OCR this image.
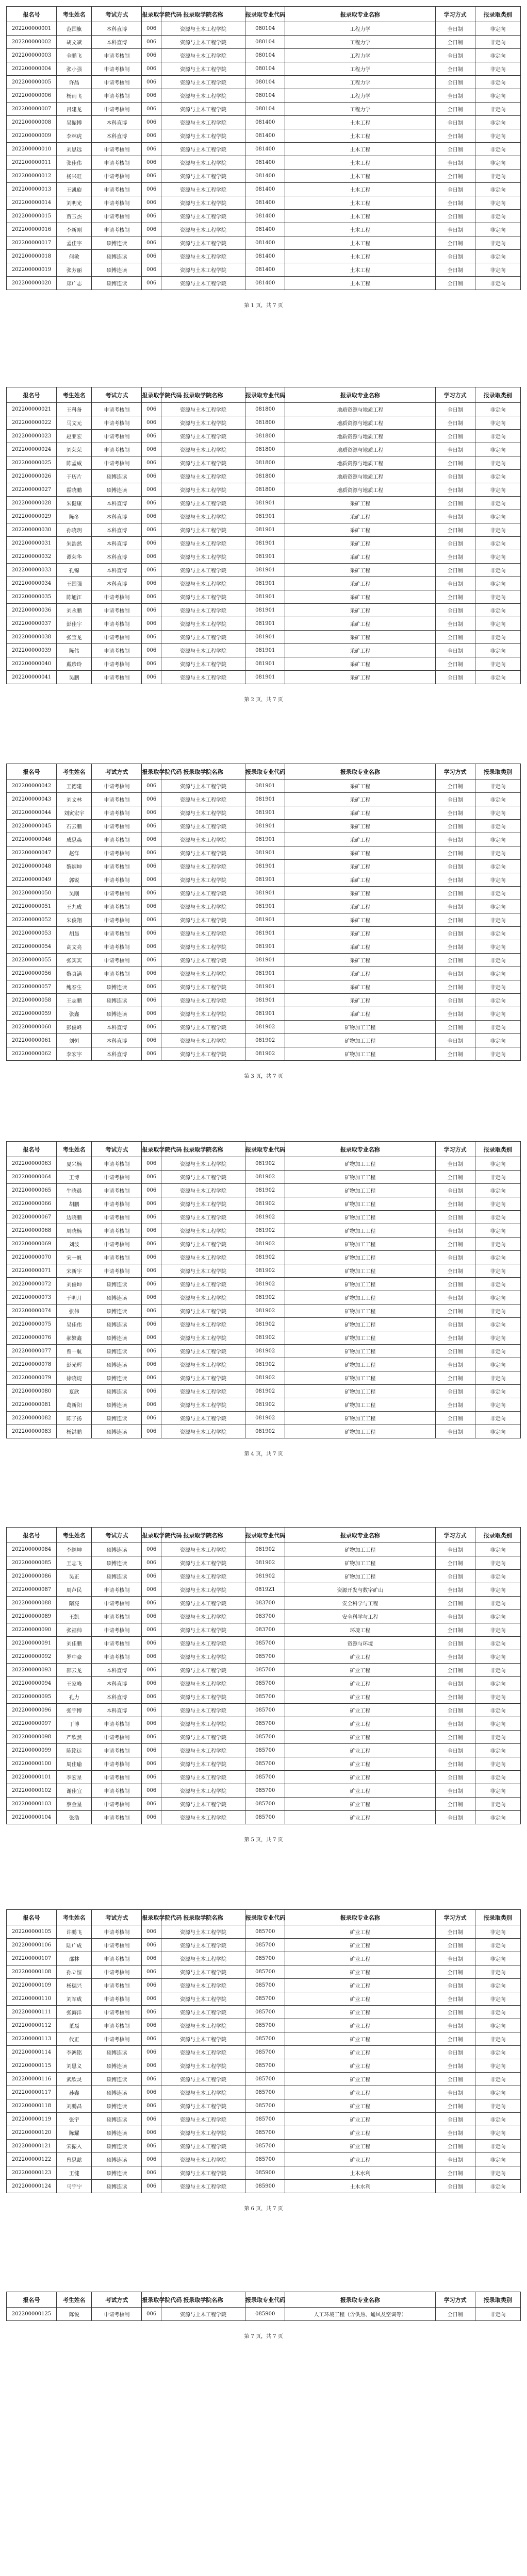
报名号	考生姓名	考试方式	报录取学院代码	报录取学院名称	报录取专业代码	报录取专业名称	学习方式	报录取类别
202200000001	范国旗	本科直博	006	资源与土木工程学院	080104	工程力学	全日制	非定向
202200000002	胡文斌	本科直博	006	资源与土木工程学院	080104	工程力学	全日制	非定向
202200000003	全鹏飞	申请考核制	006	资源与土木工程学院	080104	工程力学	全日制	非定向
202200000004	张小强	申请考核制	006	资源与土木工程学院	080104	工程力学	全日制	非定向
202200000005	许晶	申请考核制	006	资源与土木工程学院	080104	工程力学	全日制	非定向
202200000006	杨雨飞	申请考核制	006	资源与土木工程学院	080104	工程力学	全日制	非定向
202200000007	吕建龙	申请考核制	006	资源与土木工程学院	080104	工程力学	全日制	非定向
202200000008	吴振博	本科直博	006	资源与土木工程学院	081400	土木工程	全日制	非定向
202200000009	李林虎	本科直博	006	资源与土木工程学院	081400	土木工程	全日制	非定向
202200000010	刘思远	申请考核制	006	资源与土木工程学院	081400	土木工程	全日制	非定向
202200000011	张佳伟	申请考核制	006	资源与土木工程学院	081400	土木工程	全日制	非定向
202200000012	杨兴旺	申请考核制	006	资源与土木工程学院	081400	土木工程	全日制	非定向
202200000013	王凯旋	申请考核制	006	资源与土木工程学院	081400	土木工程	全日制	非定向
202200000014	刘明光	申请考核制	006	资源与土木工程学院	081400	土木工程	全日制	非定向
202200000015	贾玉杰	申请考核制	006	资源与土木工程学院	081400	土木工程	全日制	非定向
202200000016	李新刚	申请考核制	006	资源与土木工程学院	081400	土木工程	全日制	非定向
202200000017	孟佳宇	硕博连读	006	资源与土木工程学院	081400	土木工程	全日制	非定向
202200000018	何敏	硕博连读	006	资源与土木工程学院	081400	土木工程	全日制	非定向
202200000019	张芳丽	硕博连读	006	资源与土木工程学院	081400	土木工程	全日制	非定向
202200000020	郑广志	硕博连读	006	资源与土木工程学院	081400	土木工程	全日制	非定向
第 1 页，共 7 页
报名号	考生姓名	考试方式	报录取学院代码	报录取学院名称	报录取专业代码	报录取专业名称	学习方式	报录取类别
202200000021	王科备	申请考核制	006	资源与土木工程学院	081800	地质资源与地质工程	全日制	非定向
202200000022	马文元	申请考核制	006	资源与土木工程学院	081800	地质资源与地质工程	全日制	非定向
202200000023	赵亚宏	申请考核制	006	资源与土木工程学院	081800	地质资源与地质工程	全日制	非定向
202200000024	刘荣荣	申请考核制	006	资源与土木工程学院	081800	地质资源与地质工程	全日制	非定向
202200000025	陈孟威	申请考核制	006	资源与土木工程学院	081800	地质资源与地质工程	全日制	非定向
202200000026	于历片	硕博连读	006	资源与土木工程学院	081800	地质资源与地质工程	全日制	非定向
202200000027	霍晓鹏	硕博连读	006	资源与土木工程学院	081800	地质资源与地质工程	全日制	非定向
202200000028	朱健康	本科直博	006	资源与土木工程学院	081901	采矿工程	全日制	非定向
202200000029	陈冬	本科直博	006	资源与土木工程学院	081901	采矿工程	全日制	非定向
202200000030	孙晓玥	本科直博	006	资源与土木工程学院	081901	采矿工程	全日制	非定向
202200000031	朱浩然	本科直博	006	资源与土木工程学院	081901	采矿工程	全日制	非定向
202200000032	谭荣华	本科直博	006	资源与土木工程学院	081901	采矿工程	全日制	非定向
202200000033	孔锦	本科直博	006	资源与土木工程学院	081901	采矿工程	全日制	非定向
202200000034	王国强	本科直博	006	资源与土木工程学院	081901	采矿工程	全日制	非定向
202200000035	陈旭江	申请考核制	006	资源与土木工程学院	081901	采矿工程	全日制	非定向
202200000036	刘永鹏	申请考核制	006	资源与土木工程学院	081901	采矿工程	全日制	非定向
202200000037	彭佳宇	申请考核制	006	资源与土木工程学院	081901	采矿工程	全日制	非定向
202200000038	张宝龙	申请考核制	006	资源与土木工程学院	081901	采矿工程	全日制	非定向
202200000039	陈伟	申请考核制	006	资源与土木工程学院	081901	采矿工程	全日制	非定向
202200000040	戴珍玲	申请考核制	006	资源与土木工程学院	081901	采矿工程	全日制	非定向
202200000041	吴鹏	申请考核制	006	资源与土木工程学院	081901	采矿工程	全日制	非定向
第 2 页，共 7 页
报名号	考生姓名	考试方式	报录取学院代码	报录取学院名称	报录取专业代码	报录取专业名称	学习方式	报录取类别
202200000042	王德建	申请考核制	006	资源与土木工程学院	081901	采矿工程	全日制	非定向
202200000043	刘文林	申请考核制	006	资源与土木工程学院	081901	采矿工程	全日制	非定向
202200000044	刘寅宏宇	申请考核制	006	资源与土木工程学院	081901	采矿工程	全日制	非定向
202200000045	石云鹏	申请考核制	006	资源与土木工程学院	081901	采矿工程	全日制	非定向
202200000046	成思淼	申请考核制	006	资源与土木工程学院	081901	采矿工程	全日制	非定向
202200000047	赵洋	申请考核制	006	资源与土木工程学院	081901	采矿工程	全日制	非定向
202200000048	黎炳坤	申请考核制	006	资源与土木工程学院	081901	采矿工程	全日制	非定向
202200000049	郭锐	申请考核制	006	资源与土木工程学院	081901	采矿工程	全日制	非定向
202200000050	吴刚	申请考核制	006	资源与土木工程学院	081901	采矿工程	全日制	非定向
202200000051	王九成	申请考核制	006	资源与土木工程学院	081901	采矿工程	全日制	非定向
202200000052	朱俊翔	申请考核制	006	资源与土木工程学院	081901	采矿工程	全日制	非定向
202200000053	胡晨	申请考核制	006	资源与土木工程学院	081901	采矿工程	全日制	非定向
202200000054	高文亮	申请考核制	006	资源与土木工程学院	081901	采矿工程	全日制	非定向
202200000055	张宾宾	申请考核制	006	资源与土木工程学院	081901	采矿工程	全日制	非定向
202200000056	黎真满	申请考核制	006	资源与土木工程学院	081901	采矿工程	全日制	非定向
202200000057	鲍春生	硕博连读	006	资源与土木工程学院	081901	采矿工程	全日制	非定向
202200000058	王志鹏	硕博连读	006	资源与土木工程学院	081901	采矿工程	全日制	非定向
202200000059	张鑫	硕博连读	006	资源与土木工程学院	081901	采矿工程	全日制	非定向
202200000060	彭俊峰	本科直博	006	资源与土木工程学院	081902	矿物加工工程	全日制	非定向
202200000061	刘恒	本科直博	006	资源与土木工程学院	081902	矿物加工工程	全日制	非定向
202200000062	李宏宇	本科直博	006	资源与土木工程学院	081902	矿物加工工程	全日制	非定向
第 3 页，共 7 页
报名号	考生姓名	考试方式	报录取学院代码	报录取学院名称	报录取专业代码	报录取专业名称	学习方式	报录取类别
202200000063	夏兴楠	申请考核制	006	资源与土木工程学院	081902	矿物加工工程	全日制	非定向
202200000064	王博	申请考核制	006	资源与土木工程学院	081902	矿物加工工程	全日制	非定向
202200000065	牛晓晨	申请考核制	006	资源与土木工程学院	081902	矿物加工工程	全日制	非定向
202200000066	胡鹏	申请考核制	006	资源与土木工程学院	081902	矿物加工工程	全日制	非定向
202200000067	边晓鹏	申请考核制	006	资源与土木工程学院	081902	矿物加工工程	全日制	非定向
202200000068	周晓楠	申请考核制	006	资源与土木工程学院	081902	矿物加工工程	全日制	非定向
202200000069	刘波	申请考核制	006	资源与土木工程学院	081902	矿物加工工程	全日制	非定向
202200000070	宋一帆	申请考核制	006	资源与土木工程学院	081902	矿物加工工程	全日制	非定向
202200000071	宋新宇	申请考核制	006	资源与土木工程学院	081902	矿物加工工程	全日制	非定向
202200000072	刘俊坤	硕博连读	006	资源与土木工程学院	081902	矿物加工工程	全日制	非定向
202200000073	于明月	硕博连读	006	资源与土木工程学院	081902	矿物加工工程	全日制	非定向
202200000074	张伟	硕博连读	006	资源与土木工程学院	081902	矿物加工工程	全日制	非定向
202200000075	吴佳伟	硕博连读	006	资源与土木工程学院	081902	矿物加工工程	全日制	非定向
202200000076	郝繁鑫	硕博连读	006	资源与土木工程学院	081902	矿物加工工程	全日制	非定向
202200000077	曾一航	硕博连读	006	资源与土木工程学院	081902	矿物加工工程	全日制	非定向
202200000078	彭光辉	硕博连读	006	资源与土木工程学院	081902	矿物加工工程	全日制	非定向
202200000079	徐晓焜	硕博连读	006	资源与土木工程学院	081902	矿物加工工程	全日制	非定向
202200000080	夏欣	硕博连读	006	资源与土木工程学院	081902	矿物加工工程	全日制	非定向
202200000081	葛新阳	硕博连读	006	资源与土木工程学院	081902	矿物加工工程	全日制	非定向
202200000082	陈子扬	硕博连读	006	资源与土木工程学院	081902	矿物加工工程	全日制	非定向
202200000083	杨洪鹏	硕博连读	006	资源与土木工程学院	081902	矿物加工工程	全日制	非定向
第 4 页，共 7 页
报名号	考生姓名	考试方式	报录取学院代码	报录取学院名称	报录取专业代码	报录取专业名称	学习方式	报录取类别
202200000084	李继坤	硕博连读	006	资源与土木工程学院	081902	矿物加工工程	全日制	非定向
202200000085	王志飞	硕博连读	006	资源与土木工程学院	081902	矿物加工工程	全日制	非定向
202200000086	吴正	硕博连读	006	资源与土木工程学院	081902	矿物加工工程	全日制	非定向
202200000087	周芦民	申请考核制	006	资源与土木工程学院	0819Z1	资源开发与数字矿山	全日制	非定向
202200000088	隋亮	申请考核制	006	资源与土木工程学院	083700	安全科学与工程	全日制	非定向
202200000089	王凯	申请考核制	006	资源与土木工程学院	083700	安全科学与工程	全日制	非定向
202200000090	张福帅	申请考核制	006	资源与土木工程学院	083700	环境工程	全日制	非定向
202200000091	刘佳鹏	申请考核制	006	资源与土木工程学院	085700	资源与环境	全日制	非定向
202200000092	罗中豪	申请考核制	006	资源与土木工程学院	085700	矿业工程	全日制	非定向
202200000093	邵云龙	本科直博	006	资源与土木工程学院	085700	矿业工程	全日制	非定向
202200000094	王家峰	本科直博	006	资源与土木工程学院	085700	矿业工程	全日制	非定向
202200000095	孔力	本科直博	006	资源与土木工程学院	085700	矿业工程	全日制	非定向
202200000096	张宇博	本科直博	006	资源与土木工程学院	085700	矿业工程	全日制	非定向
202200000097	丁博	申请考核制	006	资源与土木工程学院	085700	矿业工程	全日制	非定向
202200000098	严欣然	申请考核制	006	资源与土木工程学院	085700	矿业工程	全日制	非定向
202200000099	陈铭远	申请考核制	006	资源与土木工程学院	085700	矿业工程	全日制	非定向
202200000100	周佳瑜	申请考核制	006	资源与土木工程学院	085700	矿业工程	全日制	非定向
202200000101	李宏星	申请考核制	006	资源与土木工程学院	085700	矿业工程	全日制	非定向
202200000102	谢佳宜	申请考核制	006	资源与土木工程学院	085700	矿业工程	全日制	非定向
202200000103	蔡金星	申请考核制	006	资源与土木工程学院	085700	矿业工程	全日制	非定向
202200000104	张浩	申请考核制	006	资源与土木工程学院	085700	矿业工程	全日制	非定向
第 5 页，共 7 页
报名号	考生姓名	考试方式	报录取学院代码	报录取学院名称	报录取专业代码	报录取专业名称	学习方式	报录取类别
202200000105	许鹏飞	申请考核制	006	资源与土木工程学院	085700	矿业工程	全日制	非定向
202200000106	陆广成	申请考核制	006	资源与土木工程学院	085700	矿业工程	全日制	非定向
202200000107	邵林	申请考核制	006	资源与土木工程学院	085700	矿业工程	全日制	非定向
202200000108	孙立恒	申请考核制	006	资源与土木工程学院	085700	矿业工程	全日制	非定向
202200000109	杨穗兴	申请考核制	006	资源与土木工程学院	085700	矿业工程	全日制	非定向
202200000110	刘军成	申请考核制	006	资源与土木工程学院	085700	矿业工程	全日制	非定向
202200000111	张海洋	申请考核制	006	资源与土木工程学院	085700	矿业工程	全日制	非定向
202200000112	董磊	申请考核制	006	资源与土木工程学院	085700	矿业工程	全日制	非定向
202200000113	代正	申请考核制	006	资源与土木工程学院	085700	矿业工程	全日制	非定向
202200000114	李鸿铭	硕博连读	006	资源与土木工程学院	085700	矿业工程	全日制	非定向
202200000115	刘恩义	硕博连读	006	资源与土木工程学院	085700	矿业工程	全日制	非定向
202200000116	武欣灵	硕博连读	006	资源与土木工程学院	085700	矿业工程	全日制	非定向
202200000117	孙鑫	硕博连读	006	资源与土木工程学院	085700	矿业工程	全日制	非定向
202200000118	刘鹏昌	硕博连读	006	资源与土木工程学院	085700	矿业工程	全日制	非定向
202200000119	张宇	硕博连读	006	资源与土木工程学院	085700	矿业工程	全日制	非定向
202200000120	陈耀	硕博连读	006	资源与土木工程学院	085700	矿业工程	全日制	非定向
202200000121	宋振入	硕博连读	006	资源与土木工程学院	085700	矿业工程	全日制	非定向
202200000122	曾思懿	硕博连读	006	资源与土木工程学院	085700	矿业工程	全日制	非定向
202200000123	王健	硕博连读	006	资源与土木工程学院	085900	土木水利	全日制	非定向
202200000124	马宇宁	硕博连读	006	资源与土木工程学院	085900	土木水利	全日制	非定向
第 6 页，共 7 页
报名号	考生姓名	考试方式	报录取学院代码	报录取学院名称	报录取专业代码	报录取专业名称	学习方式	报录取类别
202200000125	陈悦	申请考核制	006	资源与土木工程学院	085900	人工环境工程（含供热、通风及空调等）	全日制	非定向
第 7 页，共 7 页
